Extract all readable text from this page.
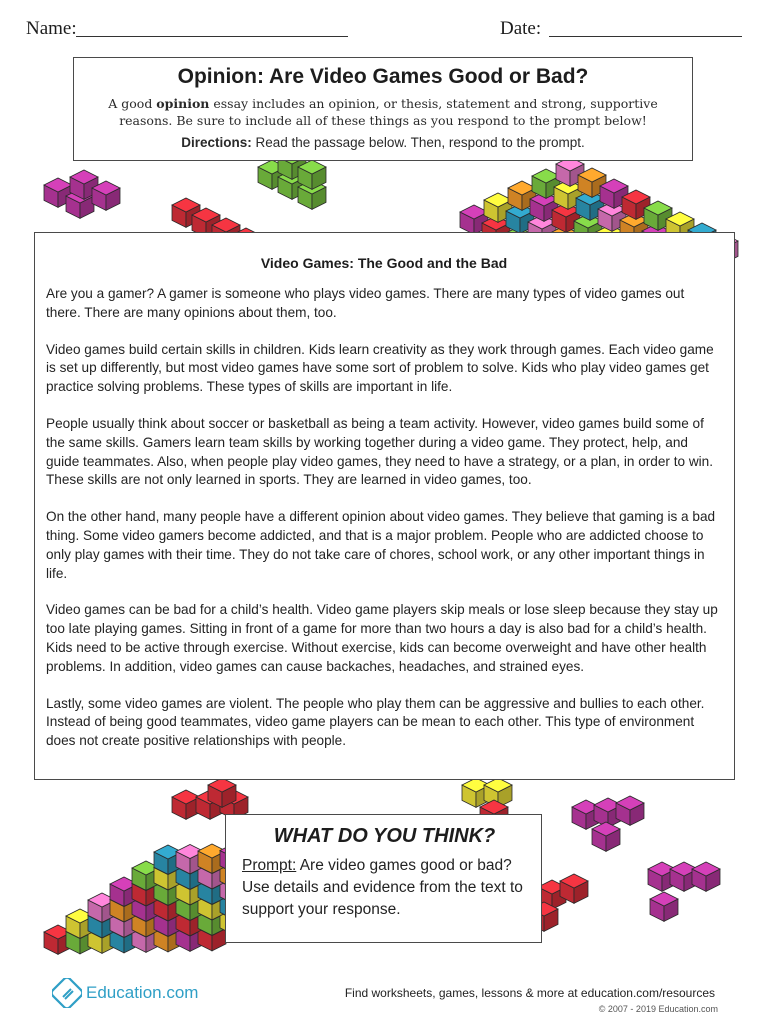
Name:	Date:
Opinion: Are Video Games Good or Bad?
A good opinion essay includes an opinion, or thesis, statement and strong, supportive reasons. Be sure to include all of these things as you respond to the prompt below!
Directions: Read the passage below. Then, respond to the prompt.
Video Games: The Good and the Bad

Are you a gamer? A gamer is someone who plays video games. There are many types of video games out there. There are many opinions about them, too.

Video games build certain skills in children. Kids learn creativity as they work through games. Each video game is set up differently, but most video games have some sort of problem to solve. Kids who play video games get practice solving problems. These types of skills are important in life.

People usually think about soccer or basketball as being a team activity. However, video games build some of the same skills. Gamers learn team skills by working together during a video game. They protect, help, and guide teammates. Also, when people play video games, they need to have a strategy, or a plan, in order to win. These skills are not only learned in sports. They are learned in video games, too.

On the other hand, many people have a different opinion about video games. They believe that gaming is a bad thing. Some video gamers become addicted, and that is a major problem. People who are addicted choose to only play games with their time. They do not take care of chores, school work, or any other important things in life.

Video games can be bad for a child’s health. Video game players skip meals or lose sleep because they stay up too late playing games. Sitting in front of a game for more than two hours a day is also bad for a child’s health. Kids need to be active through exercise. Without exercise, kids can become overweight and have other health problems. In addition, video games can cause backaches, headaches, and strained eyes.

Lastly, some video games are violent. The people who play them can be aggressive and bullies to each other. Instead of being good teammates, video game players can be mean to each other. This type of environment does not create positive relationships with people.

WHAT DO YOU THINK?
Prompt: Are video games good or bad? Use details and evidence from the text to support your response.
Education.com	Find worksheets, games, lessons & more at education.com/resources
© 2007 - 2019 Education.com
